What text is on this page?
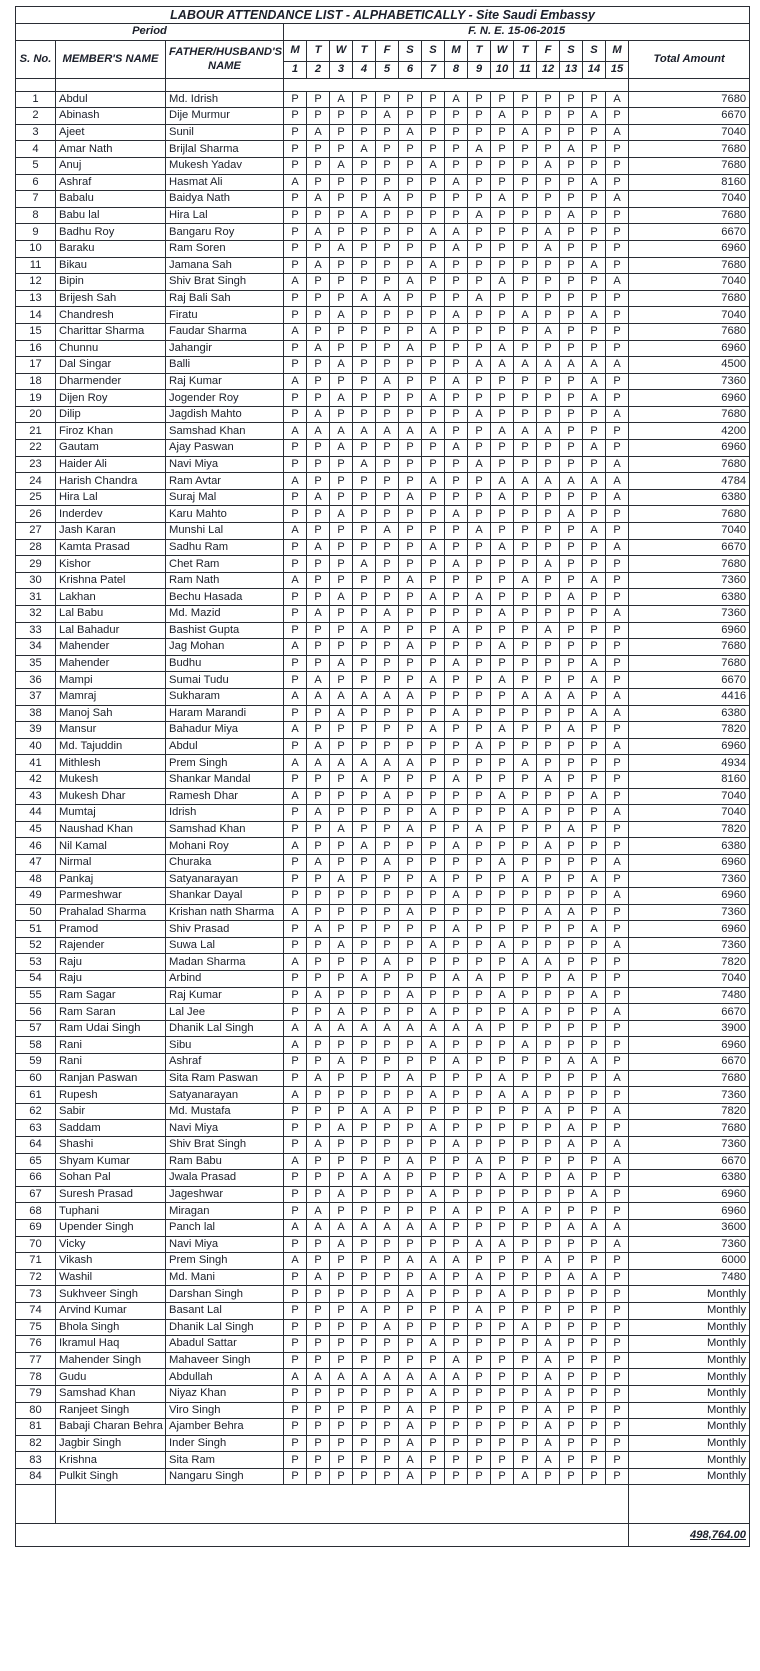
LABOUR ATTENDANCE LIST - ALPHABETICALLY - Site Saudi Embassy																		
Period			F. N. E. 15-06-2015															
S. No.	MEMBER'S NAME	FATHER/HUSBAND'S NAME	M	T	W	T	F	S	S	M	T	W	T	F	S	S	M	Total Amount
			1	2	3	4	5	6	7	8	9	10	11	12	13	14	15	

1	Abdul	Md. Idrish	P	P	A	P	P	P	P	A	P	P	P	P	P	P	A	7680
2	Abinash	Dije Murmur	P	P	P	P	A	P	P	P	P	A	P	P	P	A	P	6670
3	Ajeet	Sunil	P	A	P	P	P	A	P	P	P	P	A	P	P	P	A	7040
4	Amar Nath	Brijlal Sharma	P	P	P	A	P	P	P	P	A	P	P	P	A	P	P	7680
5	Anuj	Mukesh Yadav	P	P	A	P	P	P	A	P	P	P	P	A	P	P	P	7680
6	Ashraf	Hasmat Ali	A	P	P	P	P	P	P	A	P	P	P	P	P	A	P	8160
7	Babalu	Baidya Nath	P	A	P	P	A	P	P	P	P	A	P	P	P	P	A	7040
8	Babu lal	Hira Lal	P	P	P	A	P	P	P	P	A	P	P	P	A	P	P	7680
9	Badhu Roy	Bangaru Roy	P	A	P	P	P	P	A	A	P	P	P	A	P	P	P	6670
10	Baraku	Ram Soren	P	P	A	P	P	P	P	A	P	P	P	A	P	P	P	6960
11	Bikau	Jamana Sah	P	A	P	P	P	P	A	P	P	P	P	P	P	A	P	7680
12	Bipin	Shiv Brat Singh	A	P	P	P	P	A	P	P	P	A	P	P	P	P	A	7040
13	Brijesh Sah	Raj Bali Sah	P	P	P	A	A	P	P	P	A	P	P	P	P	P	P	7680
14	Chandresh	Firatu	P	P	A	P	P	P	P	A	P	P	A	P	P	A	P	7040
15	Charittar Sharma	Faudar Sharma	A	P	P	P	P	P	A	P	P	P	P	A	P	P	P	7680
16	Chunnu	Jahangir	P	A	P	P	P	A	P	P	P	A	P	P	P	P	P	6960
17	Dal Singar	Balli	P	P	A	P	P	P	P	P	A	A	A	A	A	A	A	4500
18	Dharmender	Raj Kumar	A	P	P	P	A	P	P	A	P	P	P	P	P	A	P	7360
19	Dijen Roy	Jogender Roy	P	P	A	P	P	P	A	P	P	P	P	P	P	A	P	6960
20	Dilip	Jagdish Mahto	P	A	P	P	P	P	P	P	A	P	P	P	P	P	A	7680
21	Firoz Khan	Samshad Khan	A	A	A	A	A	A	A	P	P	A	A	A	P	P	P	4200
22	Gautam	Ajay Paswan	P	P	A	P	P	P	P	A	P	P	P	P	P	A	P	6960
23	Haider Ali	Navi Miya	P	P	P	A	P	P	P	P	A	P	P	P	P	P	A	7680
24	Harish Chandra	Ram Avtar	A	P	P	P	P	P	A	P	P	A	A	A	A	A	A	4784
25	Hira Lal	Suraj Mal	P	A	P	P	P	A	P	P	P	A	P	P	P	P	A	6380
26	Inderdev	Karu Mahto	P	P	A	P	P	P	P	A	P	P	P	P	A	P	P	7680
27	Jash Karan	Munshi Lal	A	P	P	P	A	P	P	P	A	P	P	P	P	A	P	7040
28	Kamta Prasad	Sadhu Ram	P	A	P	P	P	P	A	P	P	A	P	P	P	P	A	6670
29	Kishor	Chet Ram	P	P	P	A	P	P	P	A	P	P	P	A	P	P	P	7680
30	Krishna Patel	Ram Nath	A	P	P	P	P	A	P	P	P	P	A	P	P	A	P	7360
31	Lakhan	Bechu Hasada	P	P	A	P	P	P	A	P	A	P	P	P	A	P	P	6380
32	Lal Babu	Md. Mazid	P	A	P	P	A	P	P	P	P	A	P	P	P	P	A	7360
33	Lal Bahadur	Bashist Gupta	P	P	P	A	P	P	P	A	P	P	P	A	P	P	P	6960
34	Mahender	Jag Mohan	A	P	P	P	P	A	P	P	P	A	P	P	P	P	P	7680
35	Mahender	Budhu	P	P	A	P	P	P	P	A	P	P	P	P	P	A	P	7680
36	Mampi	Sumai Tudu	P	A	P	P	P	P	A	P	P	A	P	P	P	A	P	6670
37	Mamraj	Sukharam	A	A	A	A	A	A	P	P	P	P	A	A	A	P	A	4416
38	Manoj Sah	Haram Marandi	P	P	A	P	P	P	P	A	P	P	P	P	P	A	A	6380
39	Mansur	Bahadur Miya	A	P	P	P	P	P	A	P	P	A	P	P	A	P	P	7820
40	Md. Tajuddin	Abdul	P	A	P	P	P	P	P	P	A	P	P	P	P	P	A	6960
41	Mithlesh	Prem Singh	A	A	A	A	A	A	P	P	P	P	A	P	P	P	P	4934
42	Mukesh	Shankar Mandal	P	P	P	A	P	P	P	A	P	P	P	A	P	P	P	8160
43	Mukesh Dhar	Ramesh Dhar	A	P	P	P	A	P	P	P	P	A	P	P	P	A	P	7040
44	Mumtaj	Idrish	P	A	P	P	P	P	A	P	P	P	A	P	P	P	A	7040
45	Naushad Khan	Samshad Khan	P	P	A	P	P	A	P	P	A	P	P	P	A	P	P	7820
46	Nil Kamal	Mohani Roy	A	P	P	A	P	P	P	A	P	P	P	A	P	P	P	6380
47	Nirmal	Churaka	P	A	P	P	A	P	P	P	P	A	P	P	P	P	A	6960
48	Pankaj	Satyanarayan	P	P	A	P	P	P	A	P	P	P	A	P	P	A	P	7360
49	Parmeshwar	Shankar Dayal	P	P	P	P	P	P	P	A	P	P	P	P	P	P	A	6960
50	Prahalad Sharma	Krishan nath Sharma	A	P	P	P	P	A	P	P	P	P	P	A	A	P	P	7360
51	Pramod	Shiv Prasad	P	A	P	P	P	P	P	A	P	P	P	P	P	A	P	6960
52	Rajender	Suwa Lal	P	P	A	P	P	P	A	P	P	A	P	P	P	P	A	7360
53	Raju	Madan Sharma	A	P	P	P	A	P	P	P	P	P	A	A	P	P	P	7820
54	Raju	Arbind	P	P	P	A	P	P	P	A	A	P	P	P	A	P	P	7040
55	Ram Sagar	Raj Kumar	P	A	P	P	P	A	P	P	P	A	P	P	P	A	P	7480
56	Ram Saran	Lal Jee	P	P	A	P	P	P	A	P	P	P	A	P	P	P	A	6670
57	Ram Udai Singh	Dhanik Lal Singh	A	A	A	A	A	A	A	A	A	P	P	P	P	P	P	3900
58	Rani	Sibu	A	P	P	P	P	P	A	P	P	P	A	P	P	P	P	6960
59	Rani	Ashraf	P	P	A	P	P	P	P	A	P	P	P	P	A	A	P	6670
60	Ranjan Paswan	Sita Ram Paswan	P	A	P	P	P	A	P	P	P	A	P	P	P	P	A	7680
61	Rupesh	Satyanarayan	A	P	P	P	P	P	A	P	P	A	A	P	P	P	P	7360
62	Sabir	Md. Mustafa	P	P	P	A	A	P	P	P	P	P	P	A	P	P	A	7820
63	Saddam	Navi Miya	P	P	A	P	P	P	A	P	P	P	P	P	A	P	P	7680
64	Shashi	Shiv Brat Singh	P	A	P	P	P	P	P	A	P	P	P	P	A	P	A	7360
65	Shyam Kumar	Ram Babu	A	P	P	P	P	A	P	P	A	P	P	P	P	P	A	6670
66	Sohan Pal	Jwala Prasad	P	P	P	A	A	P	P	P	P	A	P	P	A	P	P	6380
67	Suresh Prasad	Jageshwar	P	P	A	P	P	P	A	P	P	P	P	P	P	A	P	6960
68	Tuphani	Miragan	P	A	P	P	P	P	P	A	P	P	A	P	P	P	P	6960
69	Upender Singh	Panch lal	A	A	A	A	A	A	A	P	P	P	P	P	A	A	A	3600
70	Vicky	Navi Miya	P	P	A	P	P	P	P	P	A	A	P	P	P	P	A	7360
71	Vikash	Prem Singh	A	P	P	P	P	A	A	A	P	P	P	A	P	P	P	6000
72	Washil	Md. Mani	P	A	P	P	P	P	A	P	A	P	P	P	A	A	P	7480
73	Sukhveer Singh	Darshan Singh	P	P	P	P	P	A	P	P	P	A	P	P	P	P	P	Monthly
74	Arvind Kumar	Basant Lal	P	P	P	A	P	P	P	P	A	P	P	P	P	P	P	Monthly
75	Bhola Singh	Dhanik Lal Singh	P	P	P	P	A	P	P	P	P	P	A	P	P	P	P	Monthly
76	Ikramul Haq	Abadul Sattar	P	P	P	P	P	P	A	P	P	P	P	A	P	P	P	Monthly
77	Mahender Singh	Mahaveer Singh	P	P	P	P	P	P	P	A	P	P	P	A	P	P	P	Monthly
78	Gudu	Abdullah	A	A	A	A	A	A	A	A	P	P	P	A	P	P	P	Monthly
79	Samshad Khan	Niyaz Khan	P	P	P	P	P	P	A	P	P	P	P	A	P	P	P	Monthly
80	Ranjeet Singh	Viro Singh	P	P	P	P	P	A	P	P	P	P	P	A	P	P	P	Monthly
81	Babaji Charan Behra	Ajamber Behra	P	P	P	P	P	A	P	P	P	P	P	A	P	P	P	Monthly
82	Jagbir Singh	Inder Singh	P	P	P	P	P	A	P	P	P	P	P	A	P	P	P	Monthly
83	Krishna	Sita Ram	P	P	P	P	P	A	P	P	P	P	P	A	P	P	P	Monthly
84	Pulkit Singh	Nangaru Singh	P	P	P	P	P	A	P	P	P	P	A	P	P	P	P	Monthly

		498,764.00
